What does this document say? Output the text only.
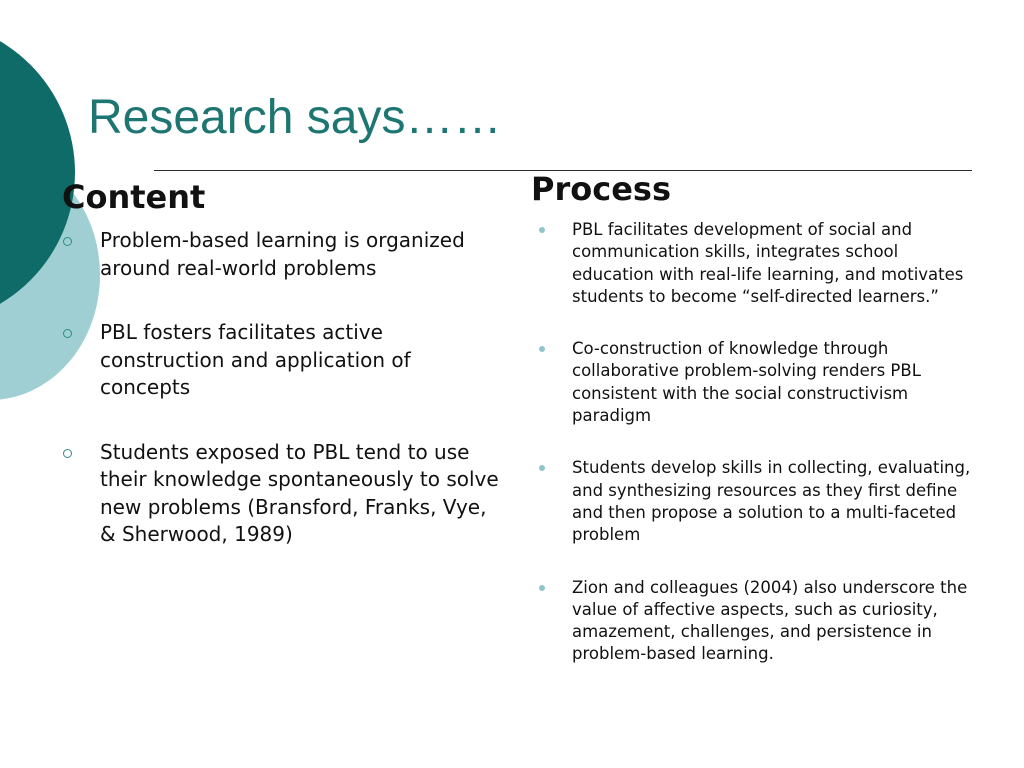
Research says……
Content
Problem-based learning is organized around real-world problems
PBL fosters facilitates active construction and application of concepts
Students exposed to PBL tend to use their knowledge spontaneously to solve new problems (Bransford, Franks, Vye, & Sherwood, 1989)
Process
PBL facilitates development of social and communication skills, integrates school education with real-life learning, and motivates students to become “self-directed learners.”
Co-construction of knowledge through collaborative problem-solving renders PBL consistent with the social constructivism paradigm
Students develop skills in collecting, evaluating, and synthesizing resources as they first define and then propose a solution to a multi-faceted problem
Zion and colleagues (2004) also underscore the value of affective aspects, such as curiosity, amazement, challenges, and persistence in problem-based learning.
